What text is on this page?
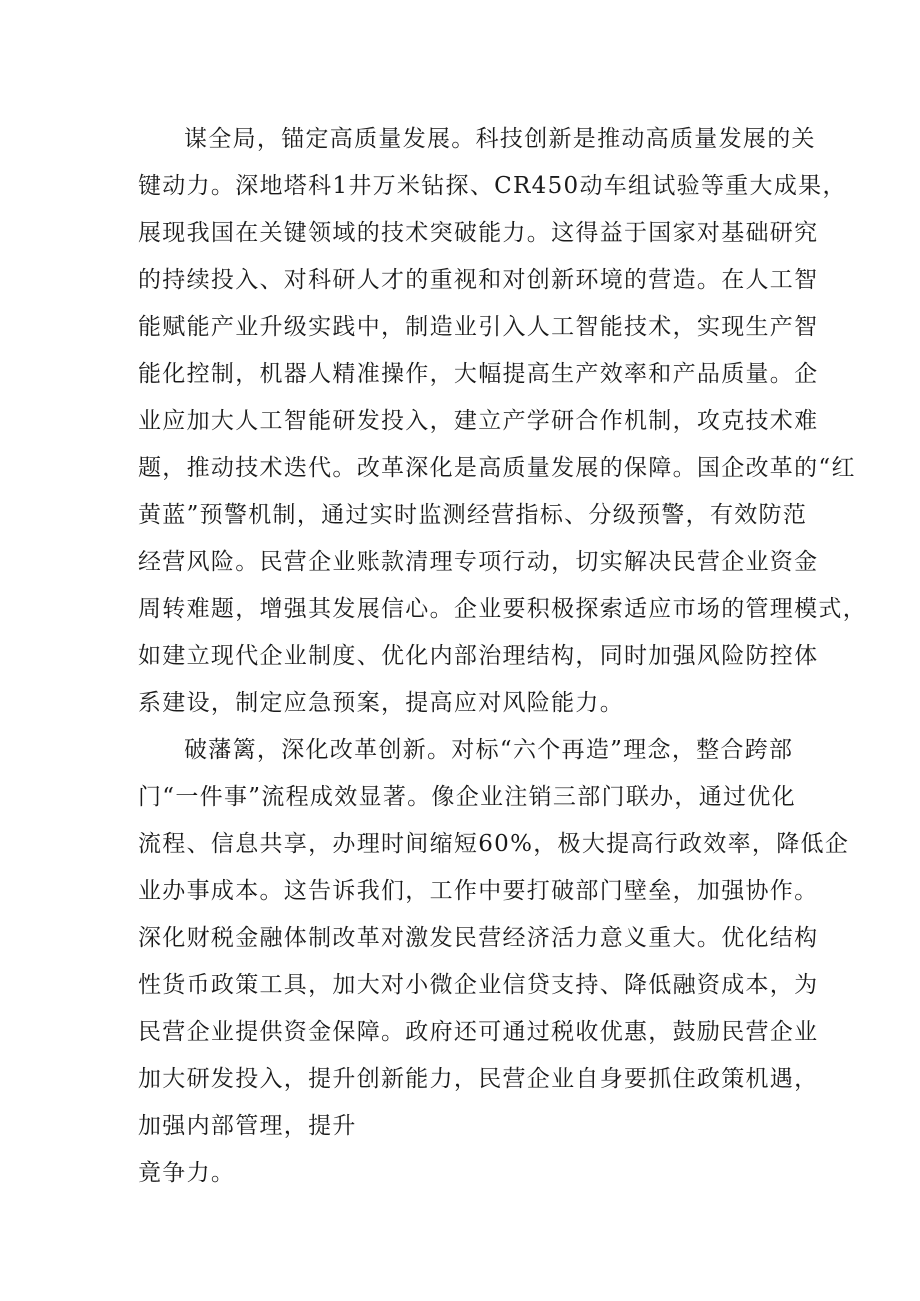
谋全局，锚定高质量发展。科技创新是推动高质量发展的关
键动力。深地塔科1井万米钻探、CR450动车组试验等重大成果，
展现我国在关键领域的技术突破能力。这得益于国家对基础研究
的持续投入、对科研人才的重视和对创新环境的营造。在人工智
能赋能产业升级实践中，制造业引入人工智能技术，实现生产智
能化控制，机器人精准操作，大幅提高生产效率和产品质量。企
业应加大人工智能研发投入，建立产学研合作机制，攻克技术难
题，推动技术迭代。改革深化是高质量发展的保障。国企改革的“红
黄蓝”预警机制，通过实时监测经营指标、分级预警，有效防范
经营风险。民营企业账款清理专项行动，切实解决民营企业资金
周转难题，增强其发展信心。企业要积极探索适应市场的管理模式，
如建立现代企业制度、优化内部治理结构，同时加强风险防控体
系建设，制定应急预案，提高应对风险能力。
破藩篱，深化改革创新。对标“六个再造”理念，整合跨部
门“一件事”流程成效显著。像企业注销三部门联办，通过优化
流程、信息共享，办理时间缩短60%，极大提高行政效率，降低企
业办事成本。这告诉我们，工作中要打破部门壁垒，加强协作。
深化财税金融体制改革对激发民营经济活力意义重大。优化结构
性货币政策工具，加大对小微企业信贷支持、降低融资成本，为
民营企业提供资金保障。政府还可通过税收优惠，鼓励民营企业
加大研发投入，提升创新能力，民营企业自身要抓住政策机遇，
加强内部管理，提升
竟争力。
